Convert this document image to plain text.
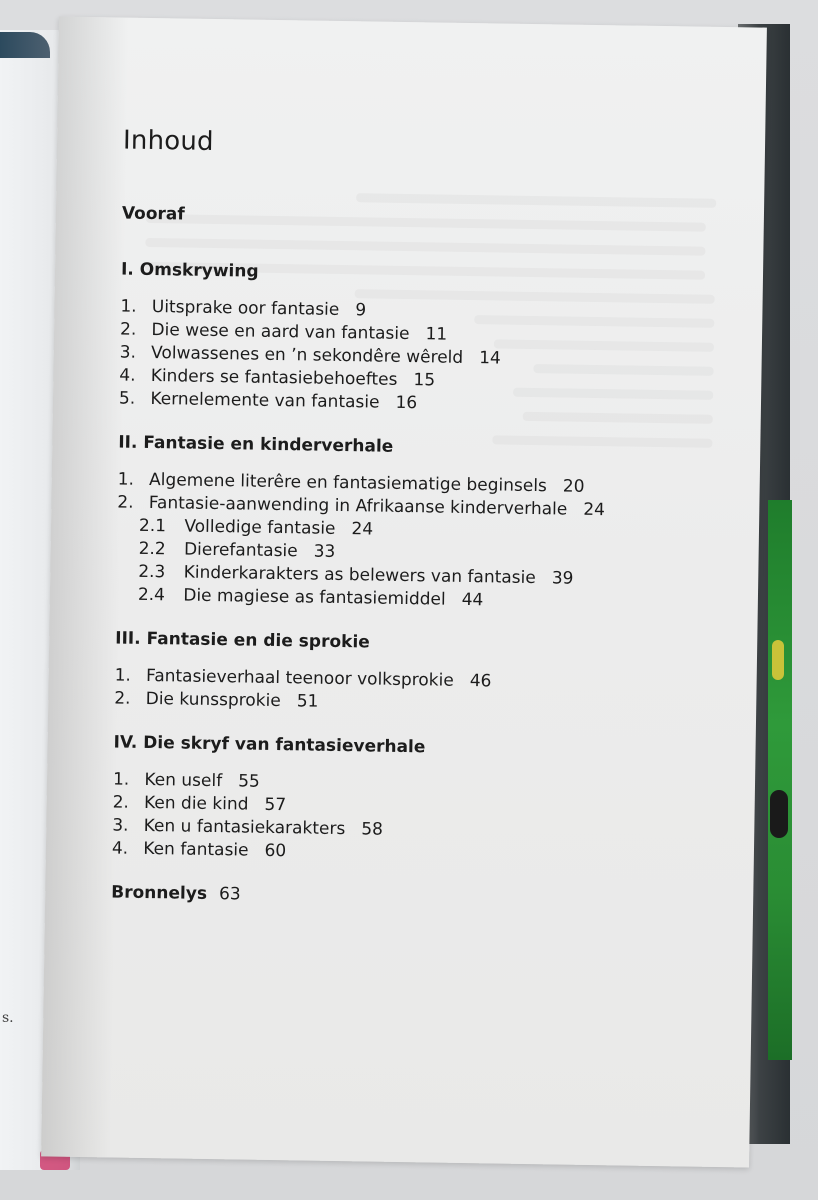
s.
Inhoud
Vooraf
I. Omskrywing
1. Uitsprake oor fantasie 9
2. Die wese en aard van fantasie 11
3. Volwassenes en ’n sekondêre wêreld 14
4. Kinders se fantasiebehoeftes 15
5. Kernelemente van fantasie 16
II. Fantasie en kinderverhale
1. Algemene literêre en fantasiematige beginsels 20
2. Fantasie-aanwending in Afrikaanse kinderverhale 24
2.1 Volledige fantasie 24
2.2 Dierefantasie 33
2.3 Kinderkarakters as belewers van fantasie 39
2.4 Die magiese as fantasiemiddel 44
III. Fantasie en die sprokie
1. Fantasieverhaal teenoor volksprokie 46
2. Die kunssprokie 51
IV. Die skryf van fantasieverhale
1. Ken uself 55
2. Ken die kind 57
3. Ken u fantasiekarakters 58
4. Ken fantasie 60
Bronnelys 63
